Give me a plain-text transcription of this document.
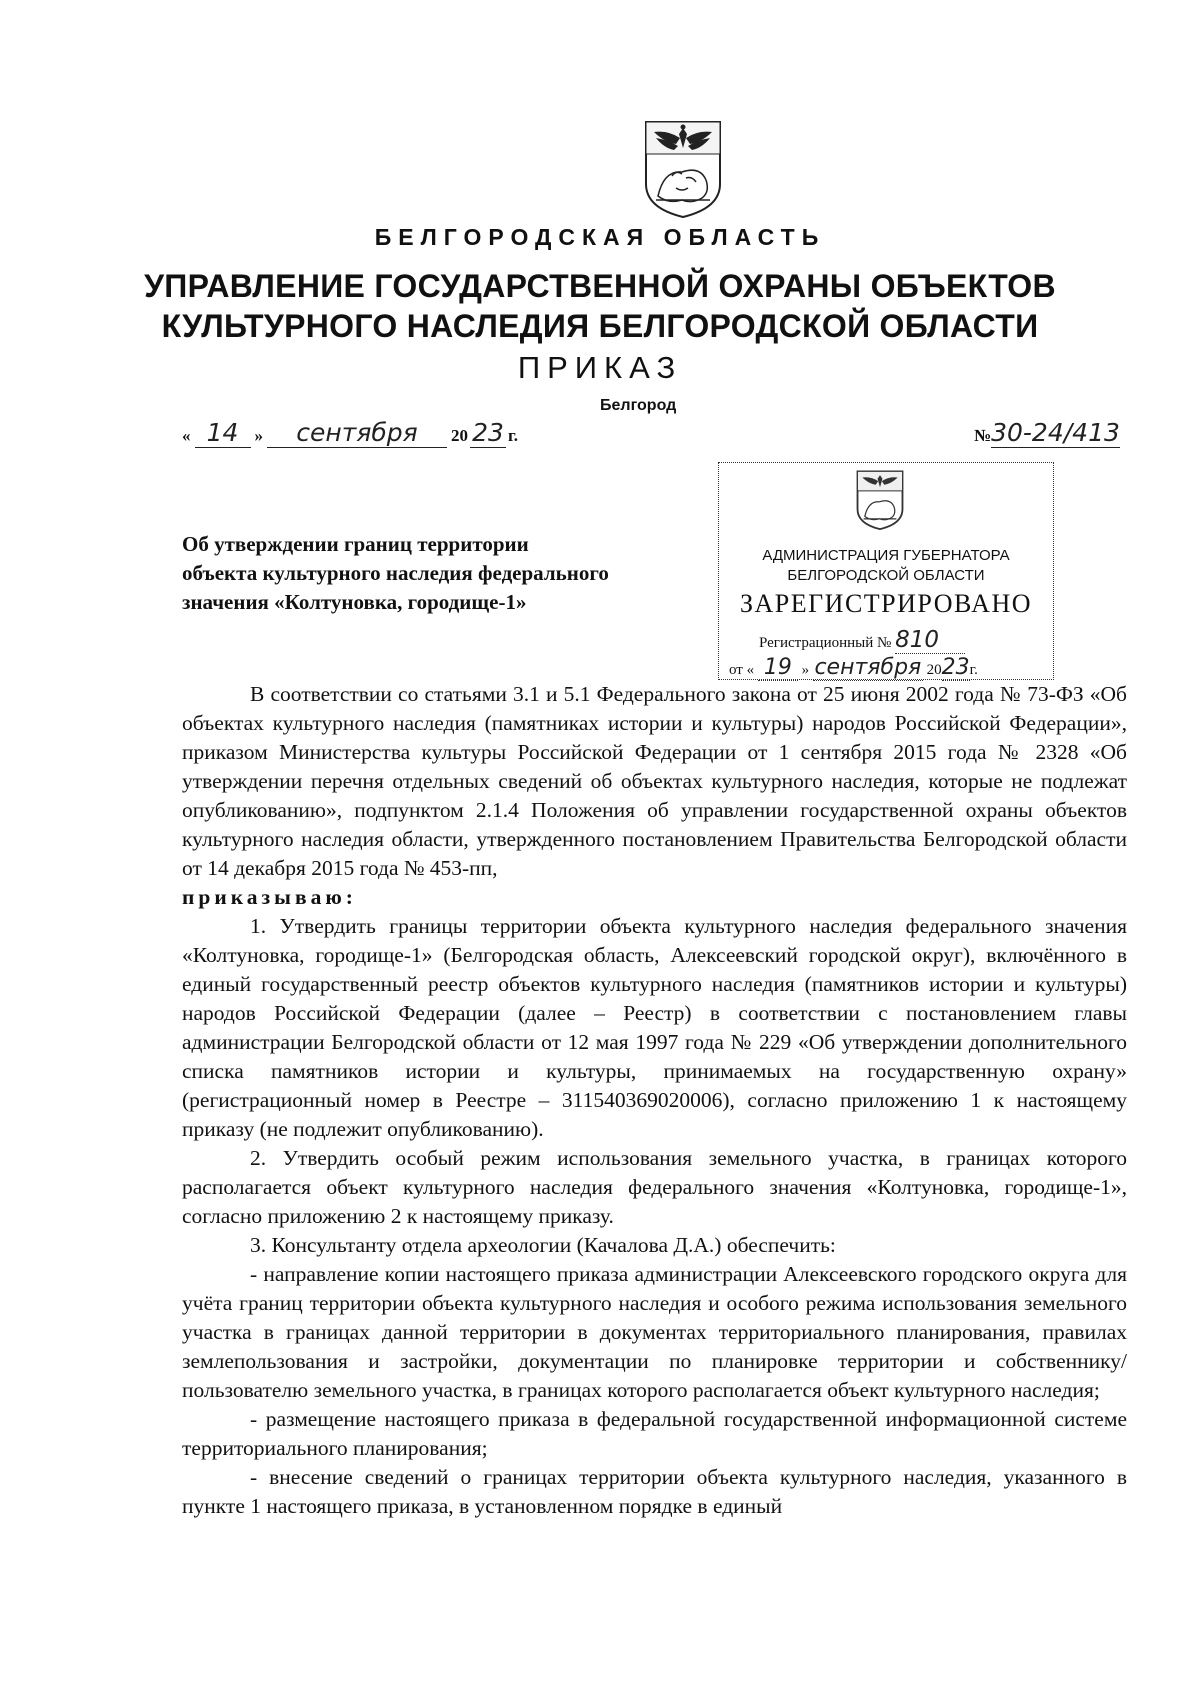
БЕЛГОРОДСКАЯ ОБЛАСТЬ
УПРАВЛЕНИЕ ГОСУДАРСТВЕННОЙ ОХРАНЫ ОБЪЕКТОВ
КУЛЬТУРНОГО НАСЛЕДИЯ БЕЛГОРОДСКОЙ ОБЛАСТИ
ПРИКАЗ
Белгород
« 14 » сентября 20 23 г.	№30-24/413
АДМИНИСТРАЦИЯ ГУБЕРНАТОРА
БЕЛГОРОДСКОЙ ОБЛАСТИ
ЗАРЕГИСТРИРОВАНО
Регистрационный № 810
от « 19 » сентября 2023г.
Об утверждении границ территории
объекта культурного наследия федерального
значения «Колтуновка, городище-1»

В соответствии со статьями 3.1 и 5.1 Федерального закона от 25 июня 2002 года № 73-ФЗ «Об объектах культурного наследия (памятниках истории и культуры) народов Российской Федерации», приказом Министерства культуры Российской Федерации от 1 сентября 2015 года № 2328 «Об утверждении перечня отдельных сведений об объектах культурного наследия, которые не подлежат опубликованию», подпунктом 2.1.4 Положения об управлении государственной охраны объектов культурного наследия области, утвержденного постановлением Правительства Белгородской области от 14 декабря 2015 года № 453-пп,

приказываю:

1. Утвердить границы территории объекта культурного наследия федерального значения «Колтуновка, городище-1» (Белгородская область, Алексеевский городской округ), включённого в единый государственный реестр объектов культурного наследия (памятников истории и культуры) народов Российской Федерации (далее – Реестр) в соответствии с постановлением главы администрации Белгородской области от 12 мая 1997 года № 229 «Об утверждении дополнительного списка памятников истории и культуры, принимаемых на государственную охрану» (регистрационный номер в Реестре – 311540369020006), согласно приложению 1 к настоящему приказу (не подлежит опубликованию).

2. Утвердить особый режим использования земельного участка, в границах которого располагается объект культурного наследия федерального значения «Колтуновка, городище-1», согласно приложению 2 к настоящему приказу.

3. Консультанту отдела археологии (Качалова Д.А.) обеспечить:

- направление копии настоящего приказа администрации Алексеевского городского округа для учёта границ территории объекта культурного наследия и особого режима использования земельного участка в границах данной территории в документах территориального планирования, правилах землепользования и застройки, документации по планировке территории и собственнику/пользователю земельного участка, в границах которого располагается объект культурного наследия;

- размещение настоящего приказа в федеральной государственной информационной системе территориального планирования;

- внесение сведений о границах территории объекта культурного наследия, указанного в пункте 1 настоящего приказа, в установленном порядке в единый
